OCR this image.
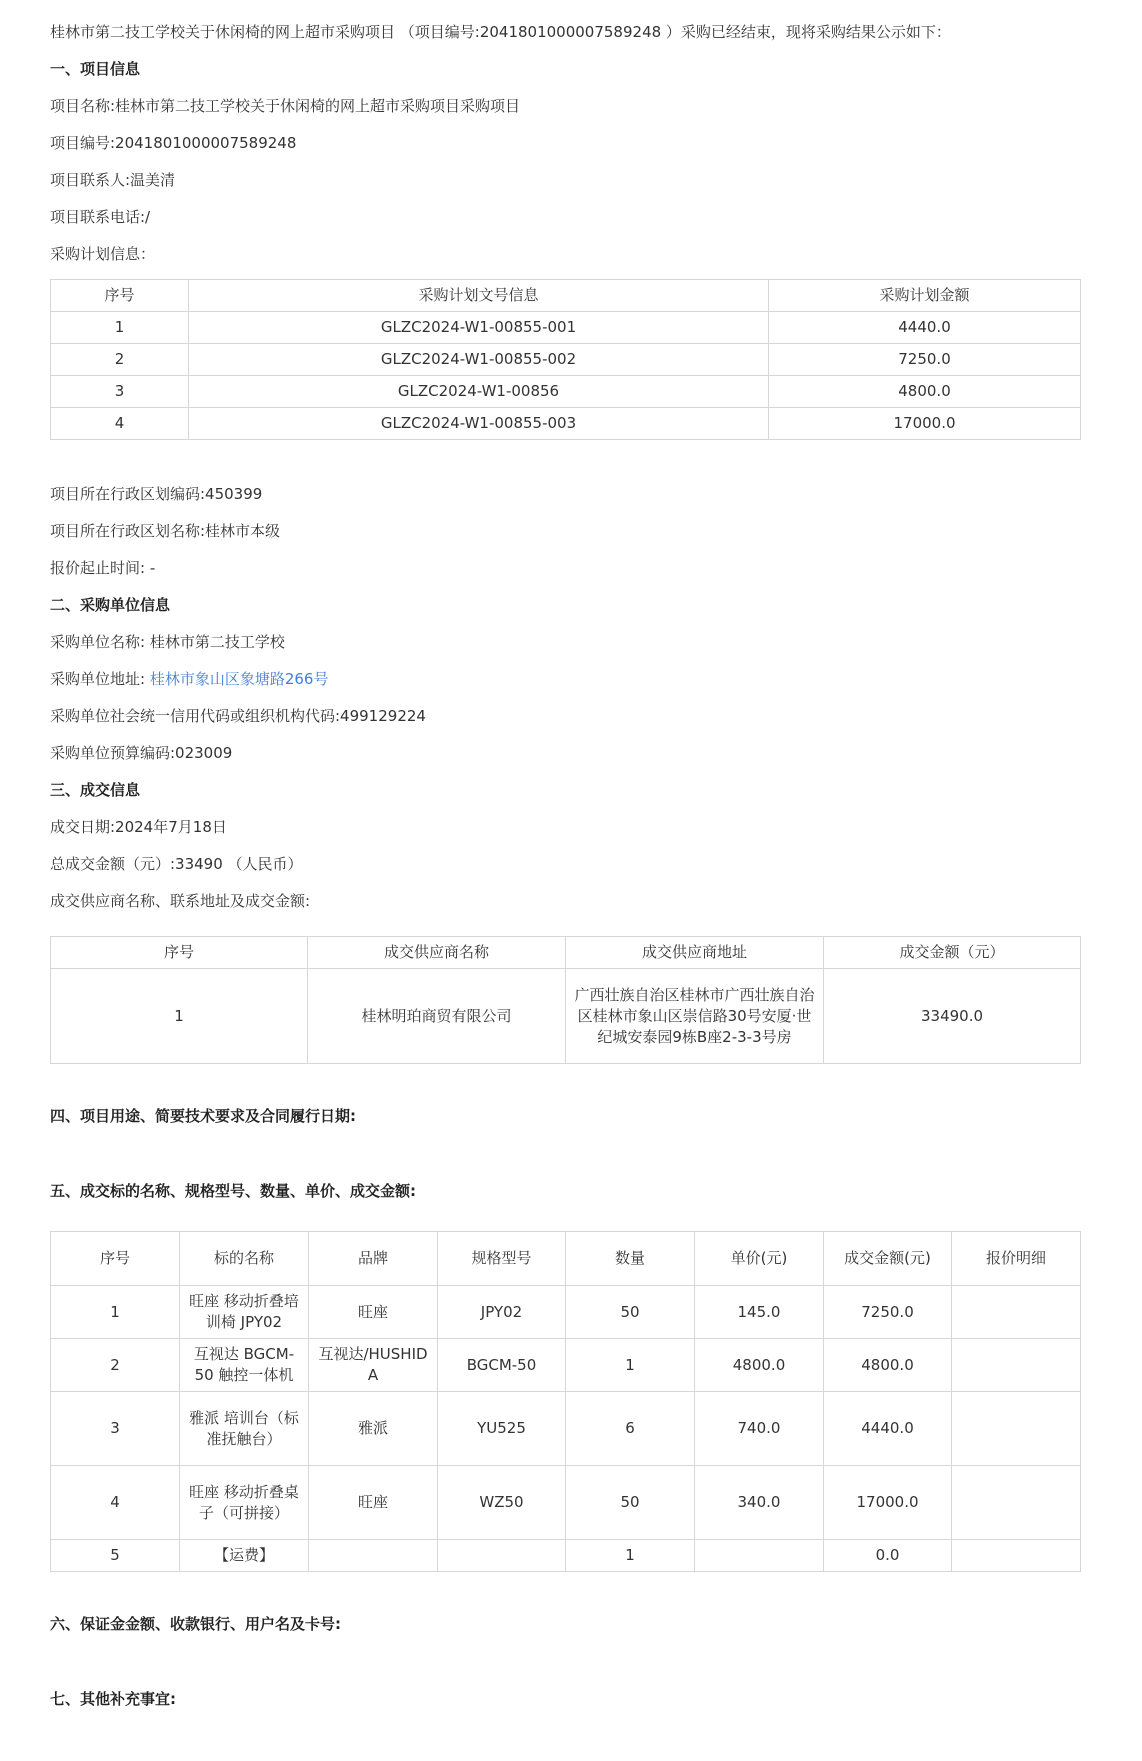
桂林市第二技工学校关于休闲椅的网上超市采购项目 （项目编号:2041801000007589248 ）采购已经结束，现将采购结果公示如下：
一、项目信息
项目名称:桂林市第二技工学校关于休闲椅的网上超市采购项目采购项目
项目编号:2041801000007589248
项目联系人:温美清
项目联系电话:/
采购计划信息：
序号	采购计划文号信息	采购计划金额
1	GLZC2024-W1-00855-001	4440.0
2	GLZC2024-W1-00855-002	7250.0
3	GLZC2024-W1-00856	4800.0
4	GLZC2024-W1-00855-003	17000.0
项目所在行政区划编码:450399
项目所在行政区划名称:桂林市本级
报价起止时间: -
二、采购单位信息
采购单位名称: 桂林市第二技工学校
采购单位地址: 桂林市象山区象塘路266号
采购单位社会统一信用代码或组织机构代码:499129224
采购单位预算编码:023009
三、成交信息
成交日期:2024年7月18日
总成交金额（元）:33490 （人民币）
成交供应商名称、联系地址及成交金额:
序号	成交供应商名称	成交供应商地址	成交金额（元）
1	桂林明珀商贸有限公司	广西壮族自治区桂林市广西壮族自治区桂林市象山区崇信路30号安厦·世纪城安泰园9栋B座2-3-3号房	33490.0
四、项目用途、简要技术要求及合同履行日期:
五、成交标的名称、规格型号、数量、单价、成交金额:
序号	标的名称	品牌	规格型号	数量	单价(元)	成交金额(元)	报价明细
1	旺座 移动折叠培训椅 JPY02	旺座	JPY02	50	145.0	7250.0	
2	互视达 BGCM-50 触控一体机	互视达/HUSHIDA	BGCM-50	1	4800.0	4800.0	
3	雅派 培训台（标准抚触台）	雅派	YU525	6	740.0	4440.0	
4	旺座 移动折叠桌子（可拼接）	旺座	WZ50	50	340.0	17000.0	
5	【运费】			1		0.0	
六、保证金金额、收款银行、用户名及卡号:
七、其他补充事宜:
